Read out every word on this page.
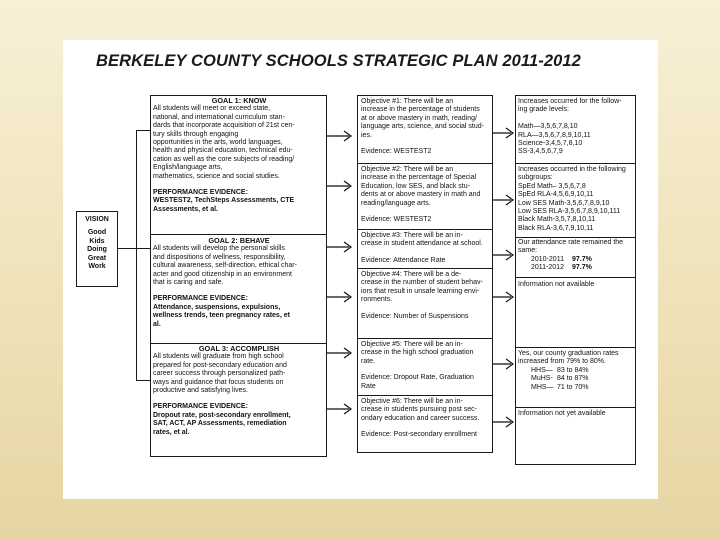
BERKELEY COUNTY SCHOOLS STRATEGIC PLAN 2011-2012
VISION
Good
Kids
Doing
Great
Work
GOAL 1: KNOW
All students will meet or exceed state,
national, and international curriculum stan-
dards that incorporate acquisition of 21st cen-
tury skills through engaging
opportunities in the arts, world languages,
health and physical education, technical edu-
cation as well as the core subjects of reading/
English/language arts,
mathematics, science and social studies.
PERFORMANCE EVIDENCE:
WESTEST2, TechSteps Assessments, CTE
Assessments, et al.
GOAL 2: BEHAVE
All students will develop the personal skills
and dispositions of wellness, responsibility,
cultural awareness, self-direction, ethical char-
acter and good citizenship in an environment
that is caring and safe.
PERFORMANCE EVIDENCE:
Attendance, suspensions, expulsions,
wellness trends, teen pregnancy rates, et
al.
GOAL 3: ACCOMPLISH
All students will graduate from high school
prepared for post-secondary education and
career success through personalized path-
ways and guidance that focus students on
productive and satisfying lives.
PERFORMANCE EVIDENCE:
Dropout rate, post-secondary enrollment,
SAT, ACT, AP Assessments, remediation
rates, et al.
Objective #1: There will be an
increase in the percentage of students
at or above mastery in math, reading/
language arts, science, and social stud-
ies.
Evidence: WESTEST2
Objective #2: There will be an
increase in the percentage of Special
Education, low SES, and black stu-
dents at or above mastery in math and
reading/language arts.
Evidence: WESTEST2
Objective #3: There will be an in-
crease in student attendance at school.
Evidence: Attendance Rate
Objective #4: There will be a de-
crease in the number of student behav-
iors that result in unsafe learning envi-
ronments.
Evidence: Number of Suspensions
Objective #5: There will be an in-
crease in the high school graduation
rate.
Evidence: Dropout Rate, Graduation
Rate
Objective #6: There will be an in-
crease in students pursuing post sec-
ondary education and career success.
Evidence: Post-secondary enrollment
Increases occurred for the follow-
ing grade levels:
Math—3,5,6,7,8,10
RLA—3,5,6,7,8,9,10,11
Science-3,4,5,7,8,10
SS-3,4,5,6,7,9
Increases occurred in the following
subgroups:
SpEd Math– 3,5,6,7,8
SpEd RLA-4,5,6,9,10,11
Low SES Math-3,5,6,7,8,9,10
Low SES RLA-3,5,6,7,8,9,10,111
Black Math-3,5,7,8,10,11
Black RLA-3,6,7,9,10,11
Our attendance rate remained the
same:
2010-2011 97.7%
2011-2012 97.7%
Information not available
Yes, our county graduation rates
increased from 79% to 80%.
HHS— 83 to 84%
MuHS- 84 to 87%
MHS— 71 to 70%
Information not yet available
